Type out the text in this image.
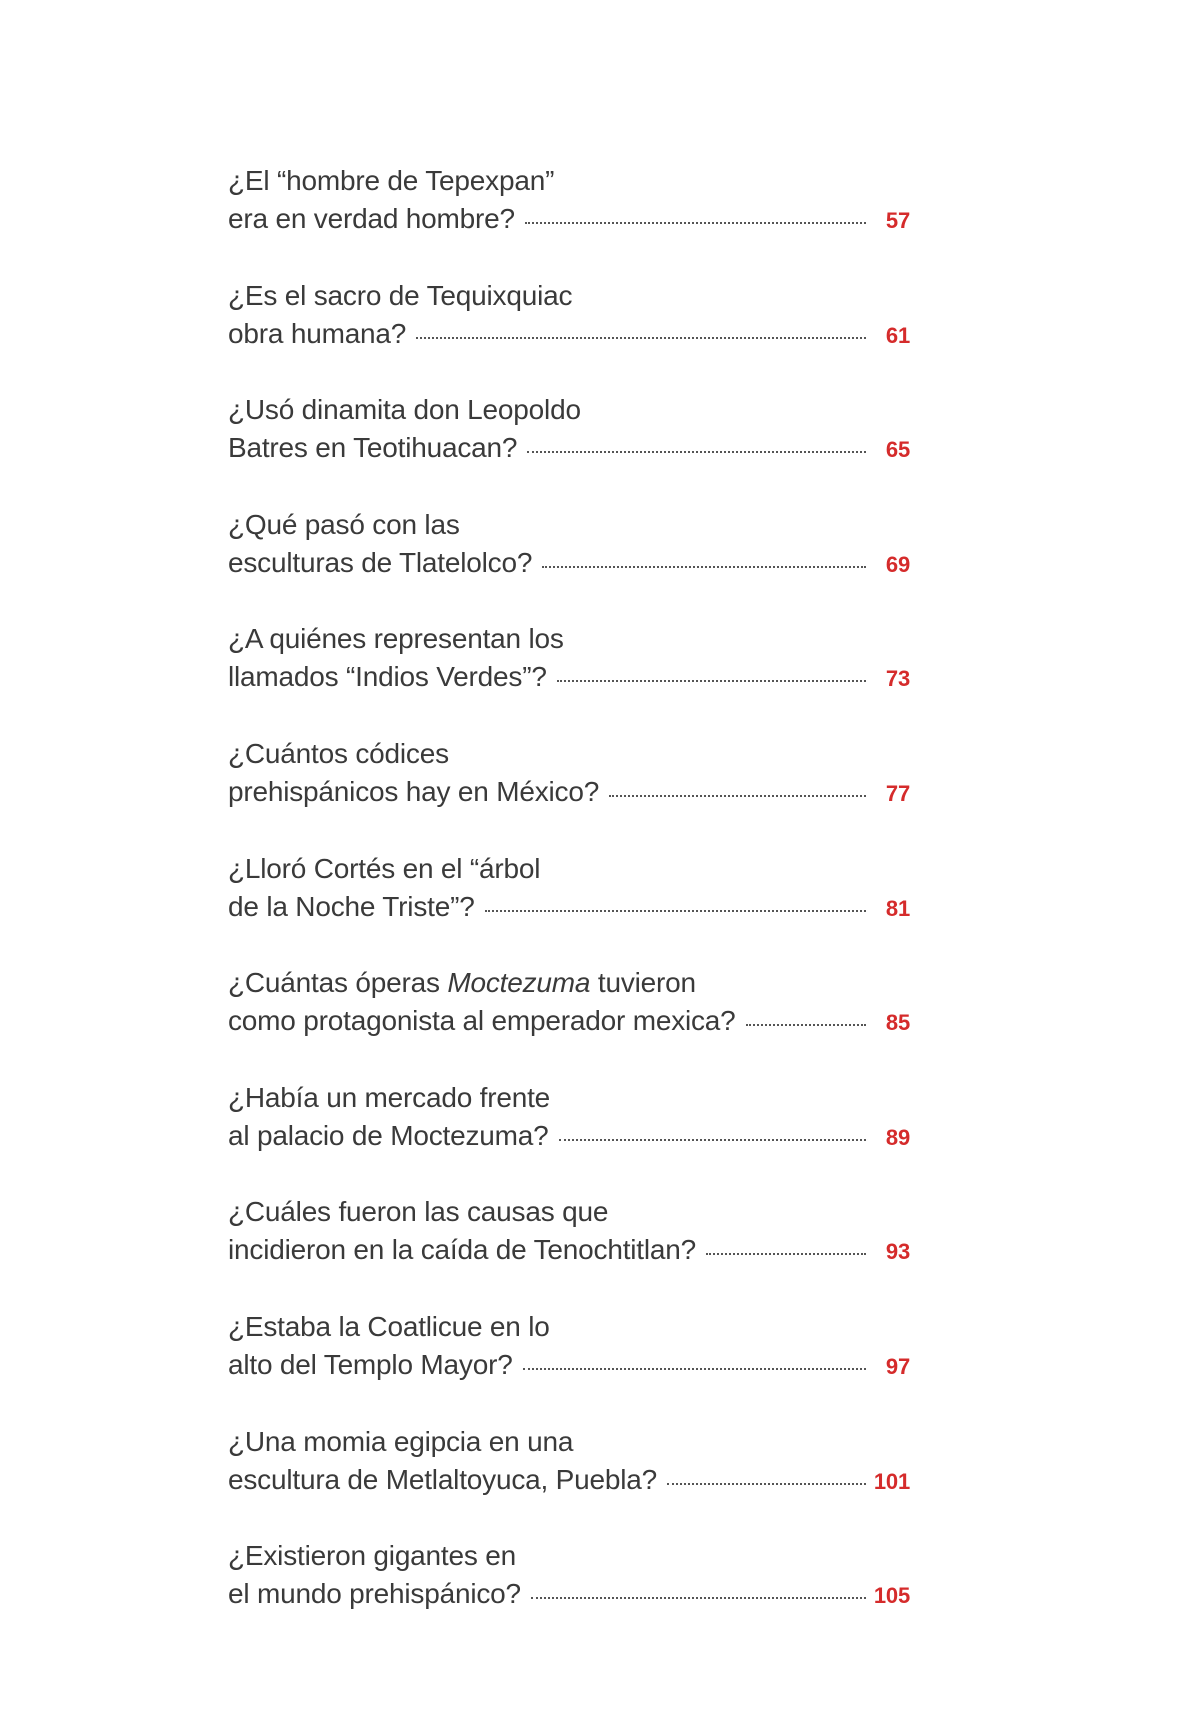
¿El “hombre de Tepexpan”
era en verdad hombre?	57
¿Es el sacro de Tequixquiac
obra humana?	61
¿Usó dinamita don Leopoldo
Batres en Teotihuacan?	65
¿Qué pasó con las
esculturas de Tlatelolco?	69
¿A quiénes representan los
llamados “Indios Verdes”?	73
¿Cuántos códices
prehispánicos hay en México?	77
¿Lloró Cortés en el “árbol
de la Noche Triste”?	81
¿Cuántas óperas Moctezuma tuvieron
como protagonista al emperador mexica?	85
¿Había un mercado frente
al palacio de Moctezuma?	89
¿Cuáles fueron las causas que
incidieron en la caída de Tenochtitlan?	93
¿Estaba la Coatlicue en lo
alto del Templo Mayor?	97
¿Una momia egipcia en una
escultura de Metlaltoyuca, Puebla?	101
¿Existieron gigantes en
el mundo prehispánico?	105
